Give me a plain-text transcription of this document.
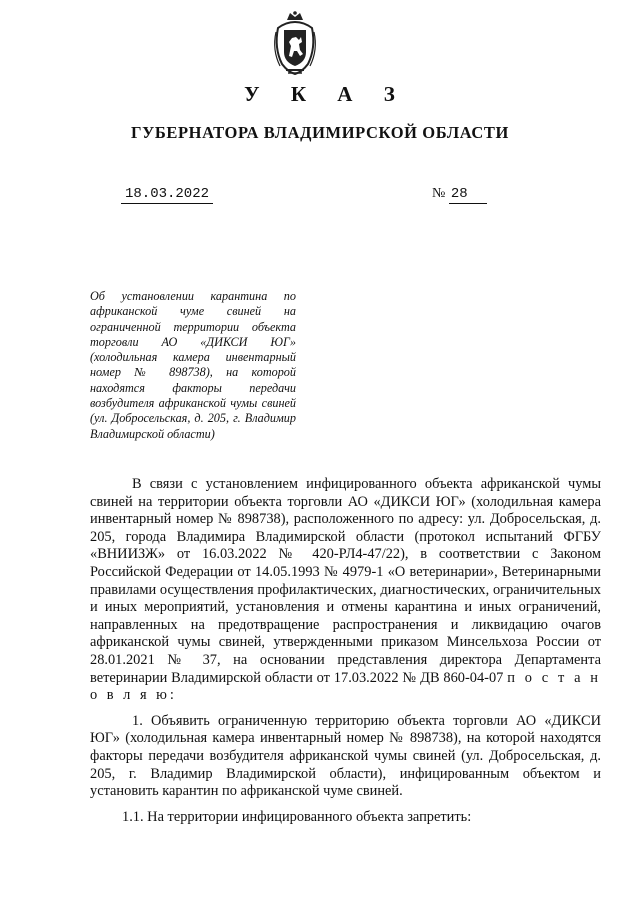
У К А З
ГУБЕРНАТОРА ВЛАДИМИРСКОЙ ОБЛАСТИ
18.03.2022	№ 28
Об установлении карантина по африканской чуме свиней на ограниченной территории объекта торговли АО «ДИКСИ ЮГ» (холодильная камера инвентарный номер № 898738), на которой находятся факторы передачи возбудителя африканской чумы свиней (ул. Добросельская, д. 205, г. Владимир Владимирской области)

В связи с установлением инфицированного объекта африканской чумы свиней на территории объекта торговли АО «ДИКСИ ЮГ» (холодильная камера инвентарный номер № 898738), расположенного по адресу: ул. Добросельская, д. 205, города Владимира Владимирской области (протокол испытаний ФГБУ «ВНИИЗЖ» от 16.03.2022 № 420-РЛ4-47/22), в соответствии с Законом Российской Федерации от 14.05.1993 № 4979-1 «О ветеринарии», Ветеринарными правилами осуществления профилактических, диагностических, ограничительных и иных мероприятий, установления и отмены карантина и иных ограничений, направленных на предотвращение распространения и ликвидацию очагов африканской чумы свиней, утвержденными приказом Минсельхоза России от 28.01.2021 № 37, на основании представления директора Департамента ветеринарии Владимирской области от 17.03.2022 № ДВ 860-04-07 п о с т а н о в л я ю:

1. Объявить ограниченную территорию объекта торговли АО «ДИКСИ ЮГ» (холодильная камера инвентарный номер № 898738), на которой находятся факторы передачи возбудителя африканской чумы свиней (ул. Добросельская, д. 205, г. Владимир Владимирской области), инфицированным объектом и установить карантин по африканской чуме свиней.

1.1. На территории инфицированного объекта запретить:
